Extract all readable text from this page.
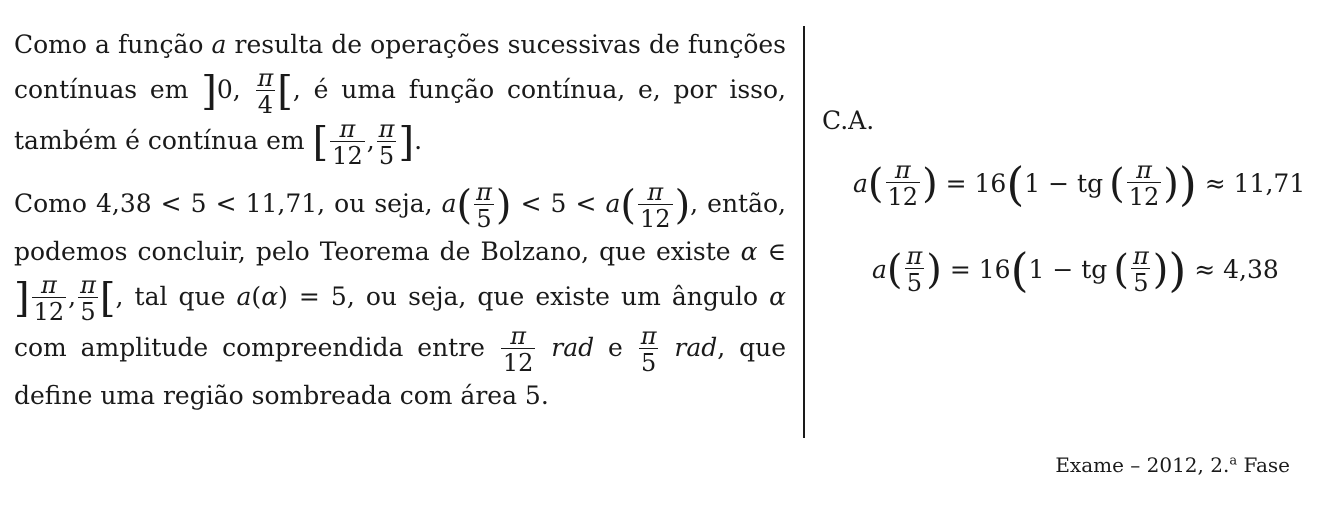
Como a função a resulta de operações sucessivas de funções contínuas em ]0, $\frac{\pi}{4}$ [, é uma função contínua, e, por isso, também é contínua em [ $\frac{\pi}{12}$ , $\frac{\pi}{5}$ ].

Como 4,38 < 5 < 11,71, ou seja, $a( \frac{\pi}{5}$ ) < $5 < a( \frac{\pi}{12}$ ), então, podemos concluir, pelo Teorema de Bolzano, que existe α ∈ ] $\frac{\pi}{12}$ , $\frac{\pi}{5}$ [, tal que a(α) = 5, ou seja, que existe um ângulo α com amplitude compreendida entre $\frac{\pi}{12}$ rad e $\frac{\pi}{5}$ rad, que define uma região sombreada com área 5.

C.A.
a ( $\frac{\pi}{12}$ ) = 16 ( 1 − tg ( $\frac{\pi}{12}$ ) ) ≈ 11,71
a ( $\frac{\pi}{5}$ ) = 16 ( 1 − tg ( $\frac{\pi}{5}$ ) ) ≈ 4,38
Exame – 2012, 2.$^a$ Fase
